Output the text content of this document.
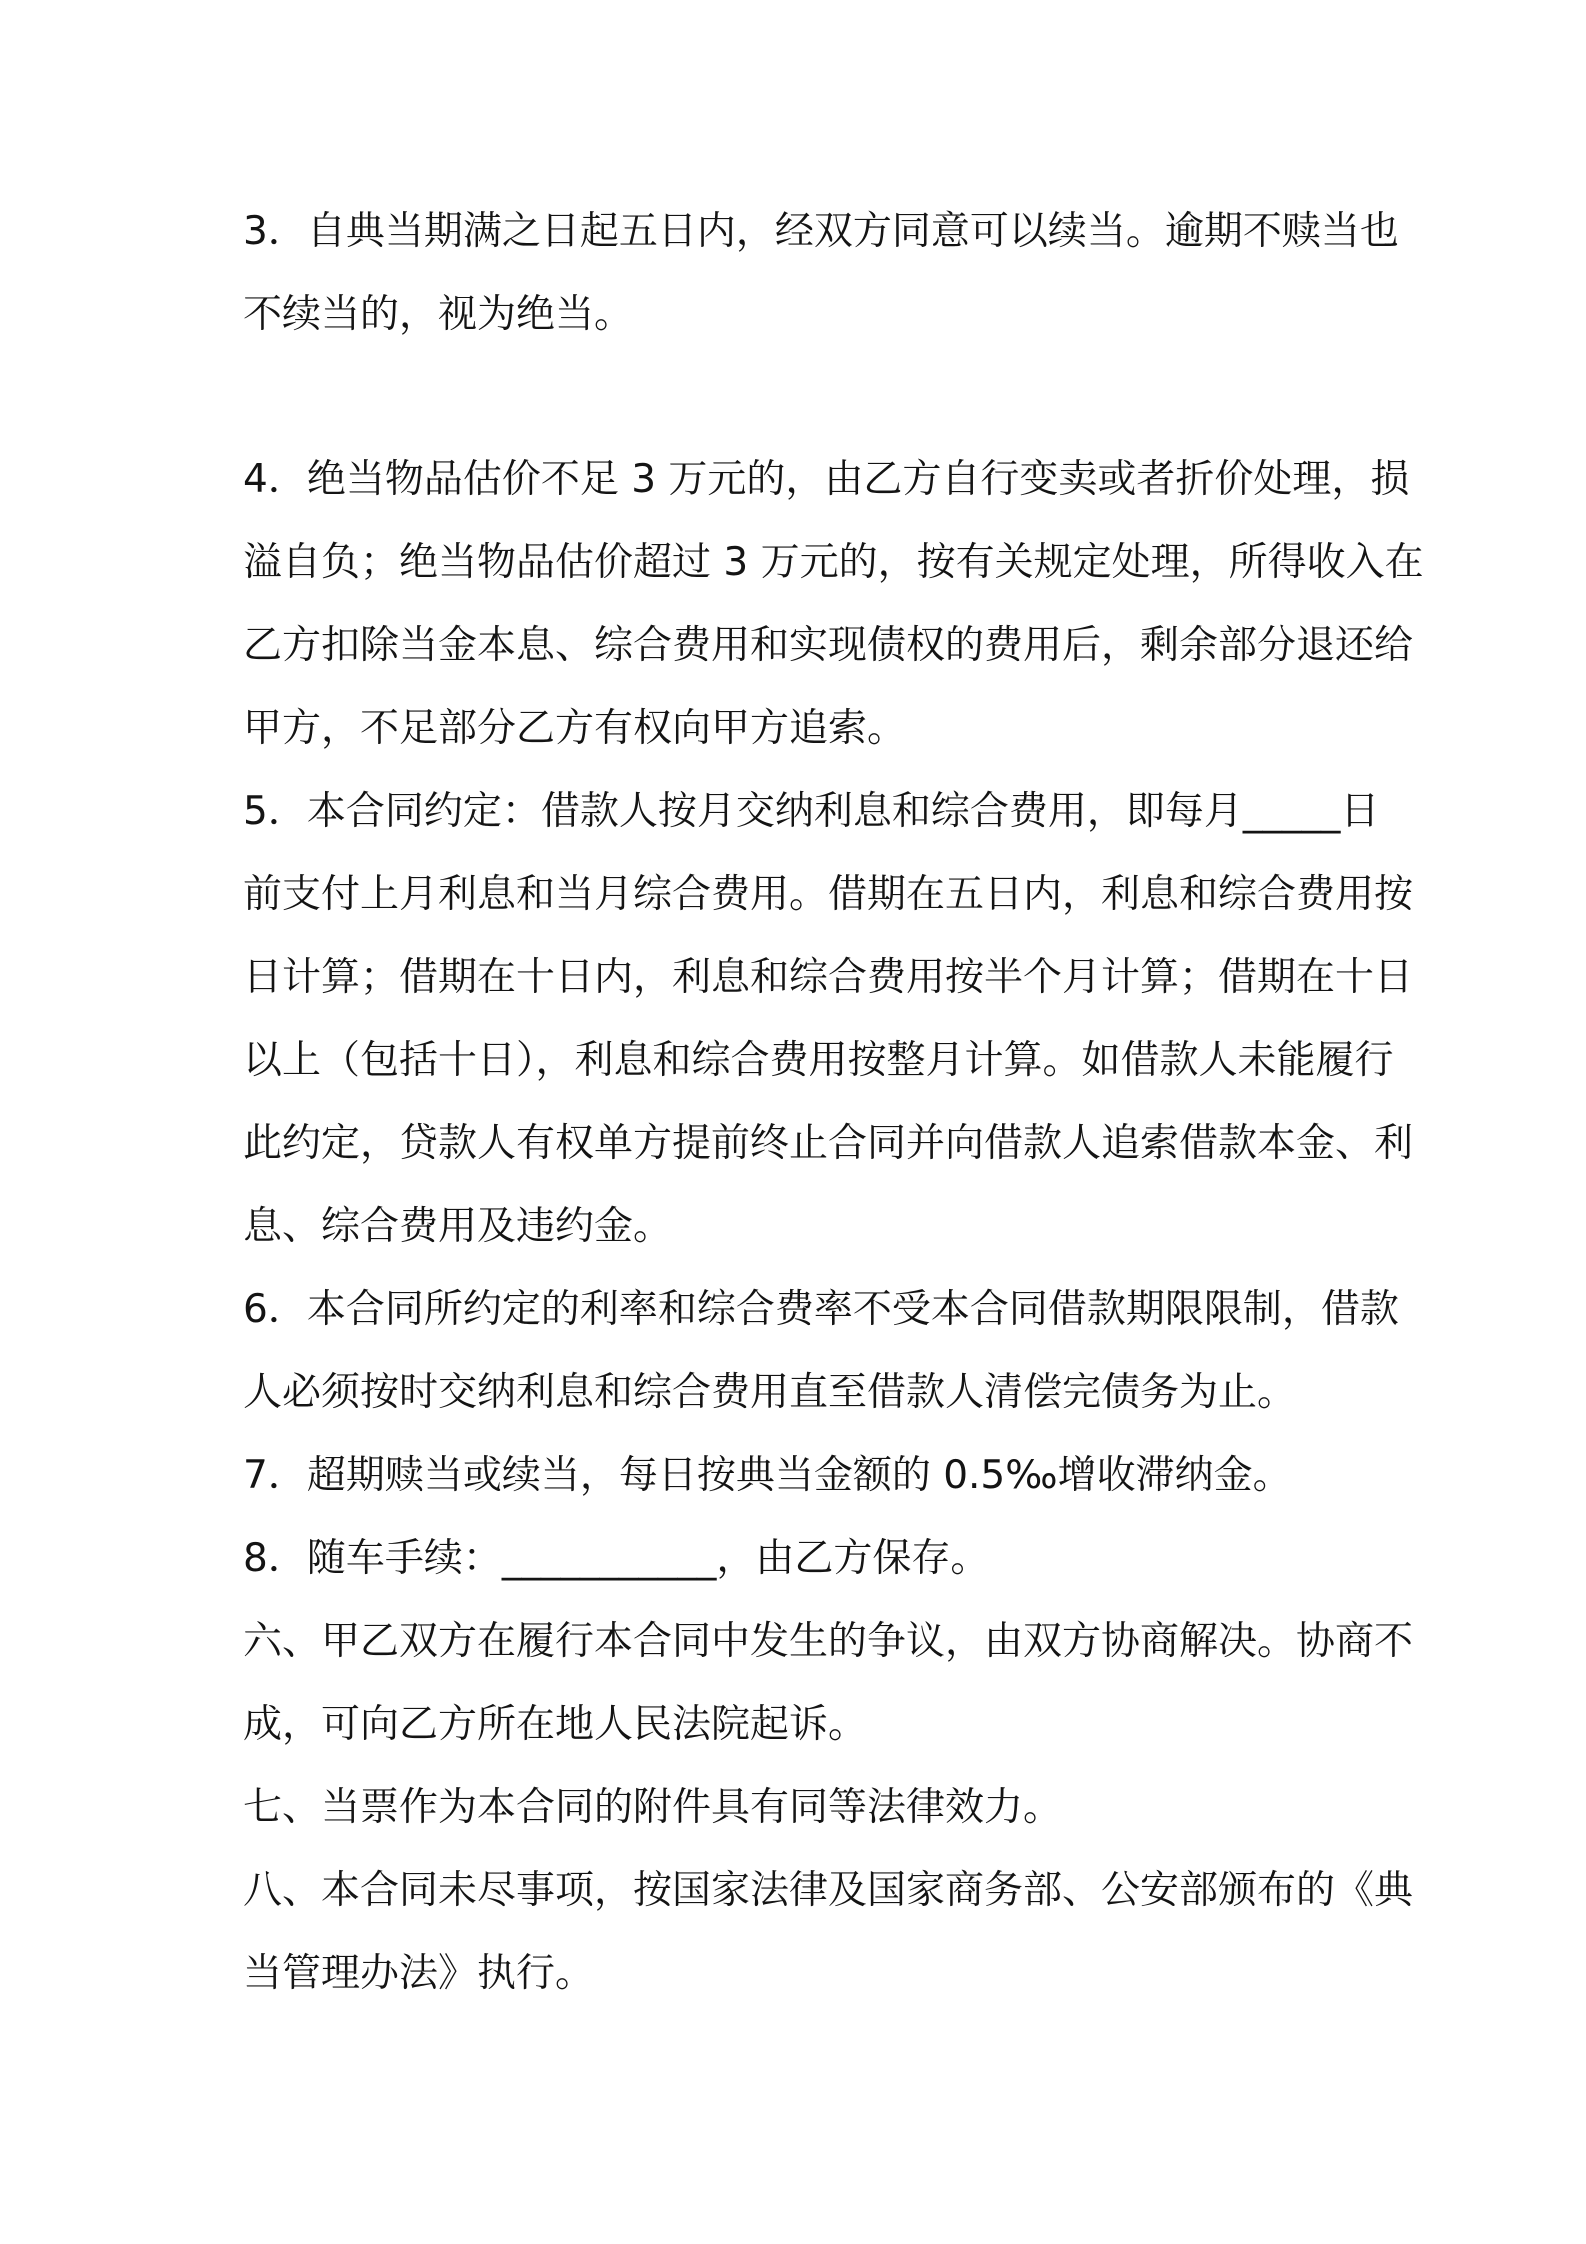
3．自典当期满之日起五日内，经双方同意可以续当。逾期不赎当也
不续当的，视为绝当。

4．绝当物品估价不足 3 万元的，由乙方自行变卖或者折价处理，损
溢自负；绝当物品估价超过 3 万元的，按有关规定处理，所得收入在
乙方扣除当金本息、综合费用和实现债权的费用后，剩余部分退还给
甲方，不足部分乙方有权向甲方追索。

5．本合同约定：借款人按月交纳利息和综合费用，即每月_____日
前支付上月利息和当月综合费用。借期在五日内，利息和综合费用按
日计算；借期在十日内，利息和综合费用按半个月计算；借期在十日
以上（包括十日），利息和综合费用按整月计算。如借款人未能履行
此约定，贷款人有权单方提前终止合同并向借款人追索借款本金、利
息、综合费用及违约金。

6．本合同所约定的利率和综合费率不受本合同借款期限限制，借款
人必须按时交纳利息和综合费用直至借款人清偿完债务为止。

7．超期赎当或续当，每日按典当金额的 0.5‰增收滞纳金。

8．随车手续：___________，由乙方保存。

六、甲乙双方在履行本合同中发生的争议，由双方协商解决。协商不
成，可向乙方所在地人民法院起诉。

七、当票作为本合同的附件具有同等法律效力。

八、本合同未尽事项，按国家法律及国家商务部、公安部颁布的《典
当管理办法》执行。
